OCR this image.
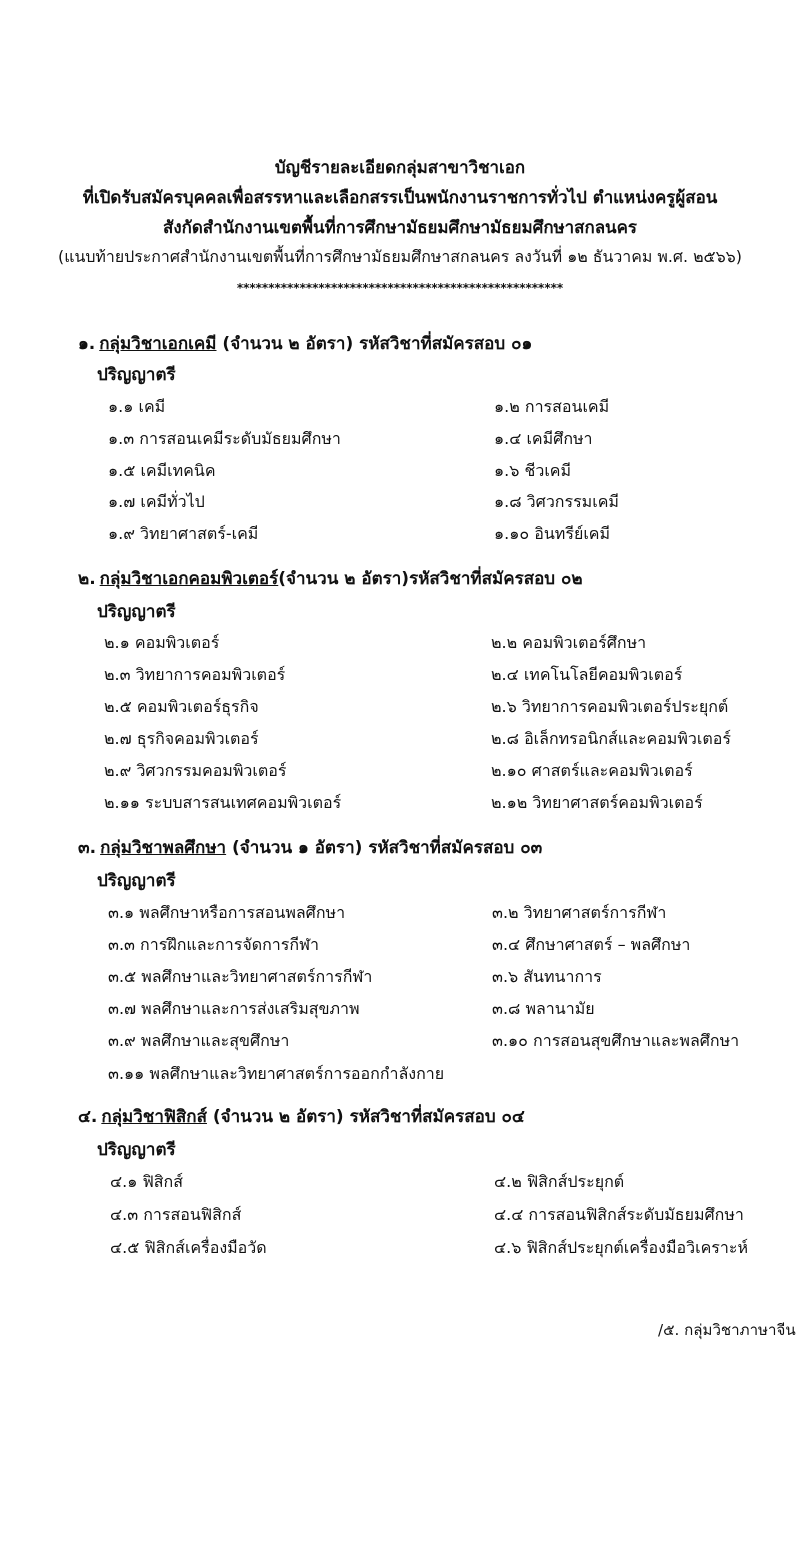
บัญชีรายละเอียดกลุ่มสาขาวิชาเอก
ที่เปิดรับสมัครบุคคลเพื่อสรรหาและเลือกสรรเป็นพนักงานราชการทั่วไป ตำแหน่งครูผู้สอน
สังกัดสำนักงานเขตพื้นที่การศึกษามัธยมศึกษามัธยมศึกษาสกลนคร
(แนบท้ายประกาศสำนักงานเขตพื้นที่การศึกษามัธยมศึกษาสกลนคร ลงวันที่ ๑๒ ธันวาคม พ.ศ. ๒๕๖๖)
****************************************************
๑. กลุ่มวิชาเอกเคมี (จำนวน ๒ อัตรา) รหัสวิชาที่สมัครสอบ ๐๑
ปริญญาตรี
๑.๑ เคมี	๑.๒ การสอนเคมี
๑.๓ การสอนเคมีระดับมัธยมศึกษา	๑.๔ เคมีศึกษา
๑.๕ เคมีเทคนิค	๑.๖ ชีวเคมี
๑.๗ เคมีทั่วไป	๑.๘ วิศวกรรมเคมี
๑.๙ วิทยาศาสตร์-เคมี	๑.๑๐ อินทรีย์เคมี
๒. กลุ่มวิชาเอกคอมพิวเตอร์(จำนวน ๒ อัตรา)รหัสวิชาที่สมัครสอบ ๐๒
ปริญญาตรี
๒.๑ คอมพิวเตอร์	๒.๒ คอมพิวเตอร์ศึกษา
๒.๓ วิทยาการคอมพิวเตอร์	๒.๔ เทคโนโลยีคอมพิวเตอร์
๒.๕ คอมพิวเตอร์ธุรกิจ	๒.๖ วิทยาการคอมพิวเตอร์ประยุกต์
๒.๗ ธุรกิจคอมพิวเตอร์	๒.๘ อิเล็กทรอนิกส์และคอมพิวเตอร์
๒.๙ วิศวกรรมคอมพิวเตอร์	๒.๑๐ ศาสตร์และคอมพิวเตอร์
๒.๑๑ ระบบสารสนเทศคอมพิวเตอร์	๒.๑๒ วิทยาศาสตร์คอมพิวเตอร์
๓. กลุ่มวิชาพลศึกษา (จำนวน ๑ อัตรา) รหัสวิชาที่สมัครสอบ ๐๓
ปริญญาตรี
๓.๑ พลศึกษาหรือการสอนพลศึกษา	๓.๒ วิทยาศาสตร์การกีฬา
๓.๓ การฝึกและการจัดการกีฬา	๓.๔ ศึกษาศาสตร์ – พลศึกษา
๓.๕ พลศึกษาและวิทยาศาสตร์การกีฬา	๓.๖ สันทนาการ
๓.๗ พลศึกษาและการส่งเสริมสุขภาพ	๓.๘ พลานามัย
๓.๙ พลศึกษาและสุขศึกษา	๓.๑๐ การสอนสุขศึกษาและพลศึกษา
๓.๑๑ พลศึกษาและวิทยาศาสตร์การออกกำลังกาย
๔. กลุ่มวิชาฟิสิกส์ (จำนวน ๒ อัตรา) รหัสวิชาที่สมัครสอบ ๐๔
ปริญญาตรี
๔.๑ ฟิสิกส์	๔.๒ ฟิสิกส์ประยุกต์
๔.๓ การสอนฟิสิกส์	๔.๔ การสอนฟิสิกส์ระดับมัธยมศึกษา
๔.๕ ฟิสิกส์เครื่องมือวัด	๔.๖ ฟิสิกส์ประยุกต์เครื่องมือวิเคราะห์
/๕. กลุ่มวิชาภาษาจีน
